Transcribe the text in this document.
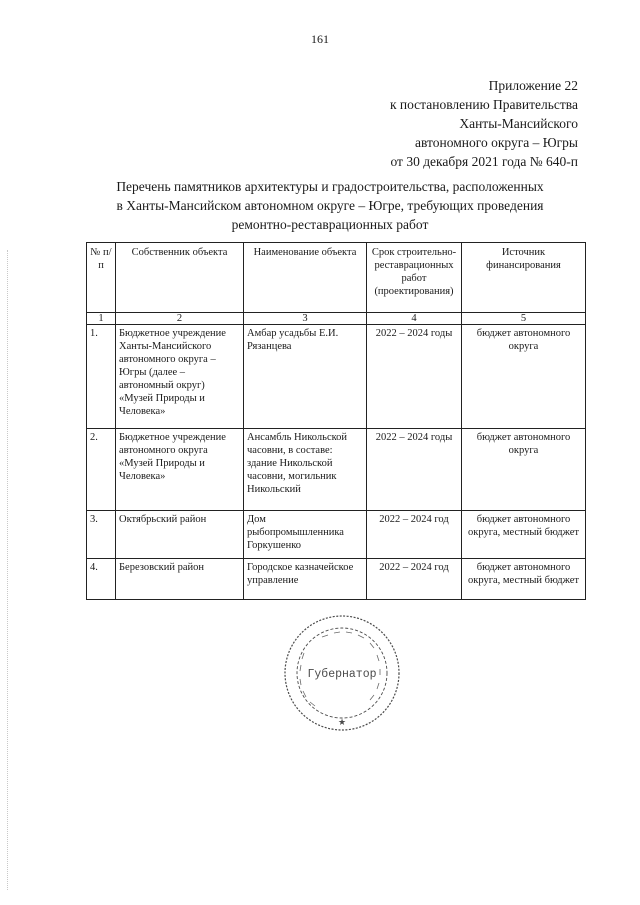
161
Приложение 22
к постановлению Правительства
Ханты-Мансийского
автономного округа – Югры
от 30 декабря 2021 года № 640-п
Перечень памятников архитектуры и градостроительства, расположенных
в Ханты-Мансийском автономном округе – Югре, требующих проведения
ремонтно-реставрационных работ
№ п/п	Собственник объекта	Наименование объекта	Срок строительно-реставрационных работ (проектирования)	Источник финансирования
1	2	3	4	5
1.	Бюджетное учреждение Ханты-Мансийского автономного округа – Югры (далее – автономный округ) «Музей Природы и Человека»	Амбар усадьбы Е.И. Рязанцева	2022 – 2024 годы	бюджет автономного округа
2.	Бюджетное учреждение автономного округа «Музей Природы и Человека»	Ансамбль Никольской часовни, в составе: здание Никольской часовни, могильник Никольский	2022 – 2024 годы	бюджет автономного округа
3.	Октябрьский район	Дом рыбопромышленника Горкушенко	2022 – 2024 год	бюджет автономного округа, местный бюджет
4.	Березовский район	Городское казначейское управление	2022 – 2024 год	бюджет автономного округа, местный бюджет
Губернатор
★
